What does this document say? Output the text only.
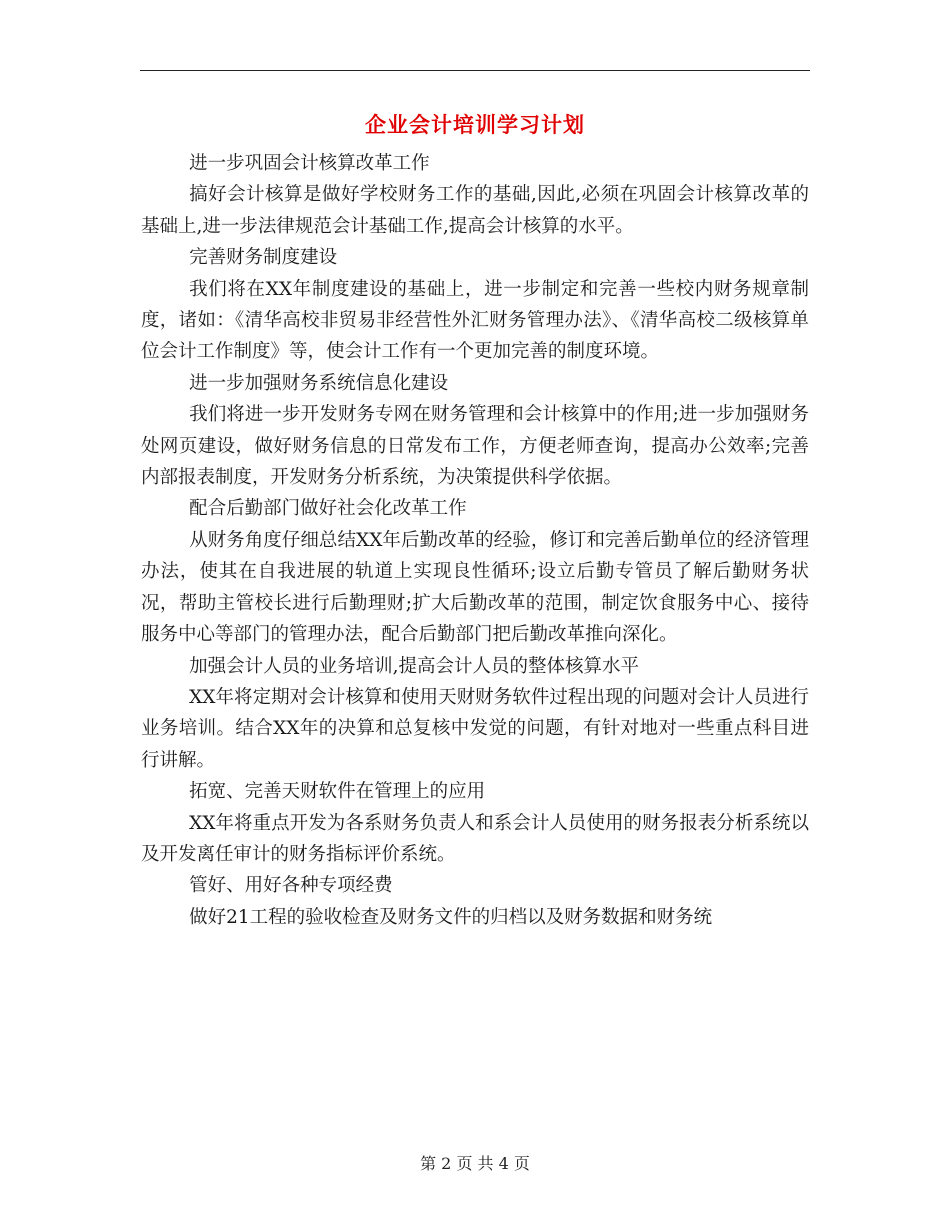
企业会计培训学习计划

进一步巩固会计核算改革工作

搞好会计核算是做好学校财务工作的基础,因此,必须在巩固会计核算改革的基础上,进一步法律规范会计基础工作,提高会计核算的水平。

完善财务制度建设

我们将在XX年制度建设的基础上，进一步制定和完善一些校内财务规章制度，诸如：《清华高校非贸易非经营性外汇财务管理办法》、《清华高校二级核算单位会计工作制度》等，使会计工作有一个更加完善的制度环境。

进一步加强财务系统信息化建设

我们将进一步开发财务专网在财务管理和会计核算中的作用;进一步加强财务处网页建设，做好财务信息的日常发布工作，方便老师查询，提高办公效率;完善内部报表制度，开发财务分析系统，为决策提供科学依据。

配合后勤部门做好社会化改革工作

从财务角度仔细总结XX年后勤改革的经验，修订和完善后勤单位的经济管理办法，使其在自我进展的轨道上实现良性循环;设立后勤专管员了解后勤财务状况，帮助主管校长进行后勤理财;扩大后勤改革的范围，制定饮食服务中心、接待服务中心等部门的管理办法，配合后勤部门把后勤改革推向深化。

加强会计人员的业务培训,提高会计人员的整体核算水平

XX年将定期对会计核算和使用天财财务软件过程出现的问题对会计人员进行业务培训。结合XX年的决算和总复核中发觉的问题，有针对地对一些重点科目进行讲解。

拓宽、完善天财软件在管理上的应用

XX年将重点开发为各系财务负责人和系会计人员使用的财务报表分析系统以及开发离任审计的财务指标评价系统。

管好、用好各种专项经费

做好21工程的验收检查及财务文件的归档以及财务数据和财务统

第 2 页 共 4 页
